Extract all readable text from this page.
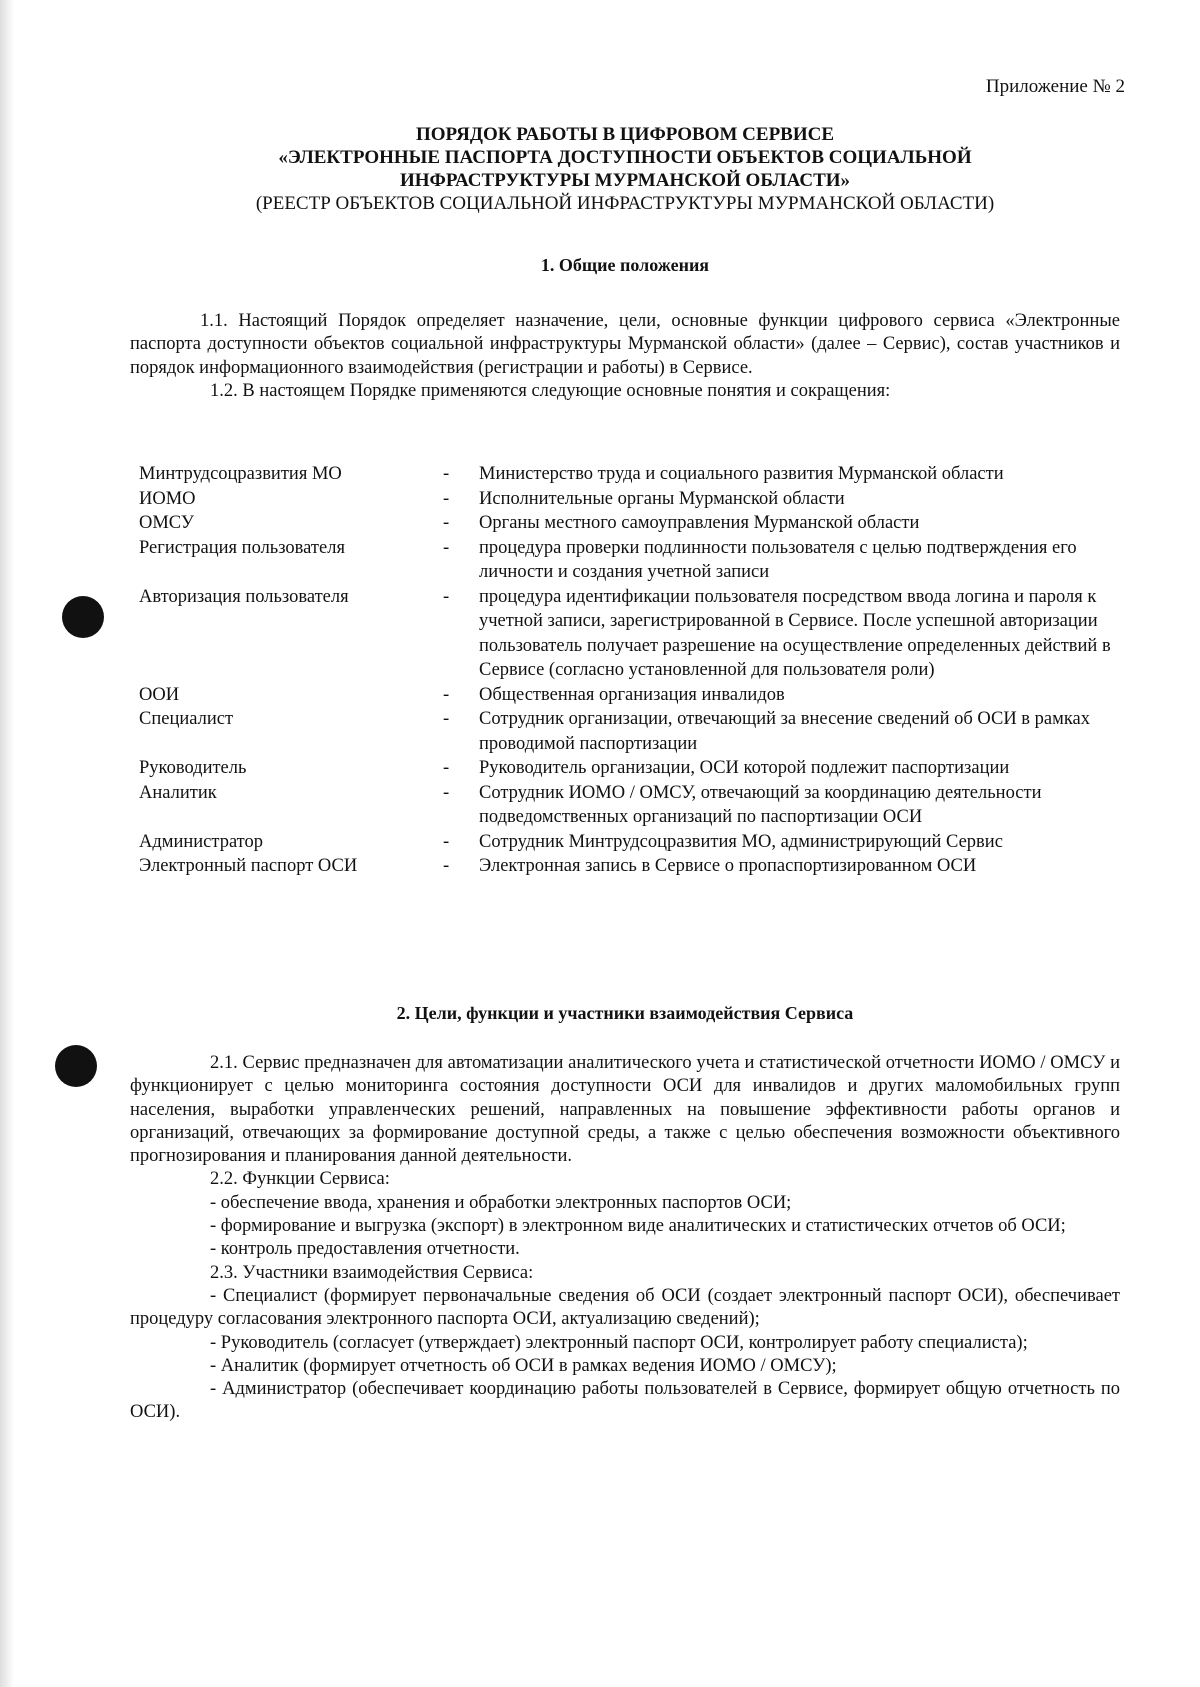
Приложение № 2
ПОРЯДОК РАБОТЫ В ЦИФРОВОМ СЕРВИСЕ
«ЭЛЕКТРОННЫЕ ПАСПОРТА ДОСТУПНОСТИ ОБЪЕКТОВ СОЦИАЛЬНОЙ
ИНФРАСТРУКТУРЫ МУРМАНСКОЙ ОБЛАСТИ»
(РЕЕСТР ОБЪЕКТОВ СОЦИАЛЬНОЙ ИНФРАСТРУКТУРЫ МУРМАНСКОЙ ОБЛАСТИ)
1. Общие положения

1.1. Настоящий Порядок определяет назначение, цели, основные функции цифрового сервиса «Электронные паспорта доступности объектов социальной инфраструктуры Мурманской области» (далее – Сервис), состав участников и порядок информационного взаимодействия (регистрации и работы) в Сервисе.

1.2. В настоящем Порядке применяются следующие основные понятия и сокращения:

Минтрудсоцразвития МО	-	Министерство труда и социального развития Мурманской области
ИОМО	-	Исполнительные органы Мурманской области
ОМСУ	-	Органы местного самоуправления Мурманской области
Регистрация пользователя	-	процедура проверки подлинности пользователя с целью подтверждения его личности и создания учетной записи
Авторизация пользователя	-	процедура идентификации пользователя посредством ввода логина и пароля к учетной записи, зарегистрированной в Сервисе. После успешной авторизации пользователь получает разрешение на осуществление определенных действий в Сервисе (согласно установленной для пользователя роли)
ООИ	-	Общественная организация инвалидов
Специалист	-	Сотрудник организации, отвечающий за внесение сведений об ОСИ в рамках проводимой паспортизации
Руководитель	-	Руководитель организации, ОСИ которой подлежит паспортизации
Аналитик	-	Сотрудник ИОМО / ОМСУ, отвечающий за координацию деятельности подведомственных организаций по паспортизации ОСИ
Администратор	-	Сотрудник Минтрудсоцразвития МО, администрирующий Сервис
Электронный паспорт ОСИ	-	Электронная запись в Сервисе о пропаспортизированном ОСИ
2. Цели, функции и участники взаимодействия Сервиса

2.1. Сервис предназначен для автоматизации аналитического учета и статистической отчетности ИОМО / ОМСУ и функционирует с целью мониторинга состояния доступности ОСИ для инвалидов и других маломобильных групп населения, выработки управленческих решений, направленных на повышение эффективности работы органов и организаций, отвечающих за формирование доступной среды, а также с целью обеспечения возможности объективного прогнозирования и планирования данной деятельности.

2.2. Функции Сервиса:

- обеспечение ввода, хранения и обработки электронных паспортов ОСИ;

- формирование и выгрузка (экспорт) в электронном виде аналитических и статистических отчетов об ОСИ;

- контроль предоставления отчетности.

2.3. Участники взаимодействия Сервиса:

- Специалист (формирует первоначальные сведения об ОСИ (создает электронный паспорт ОСИ), обеспечивает процедуру согласования электронного паспорта ОСИ, актуализацию сведений);

- Руководитель (согласует (утверждает) электронный паспорт ОСИ, контролирует работу специалиста);

- Аналитик (формирует отчетность об ОСИ в рамках ведения ИОМО / ОМСУ);

- Администратор (обеспечивает координацию работы пользователей в Сервисе, формирует общую отчетность по ОСИ).
